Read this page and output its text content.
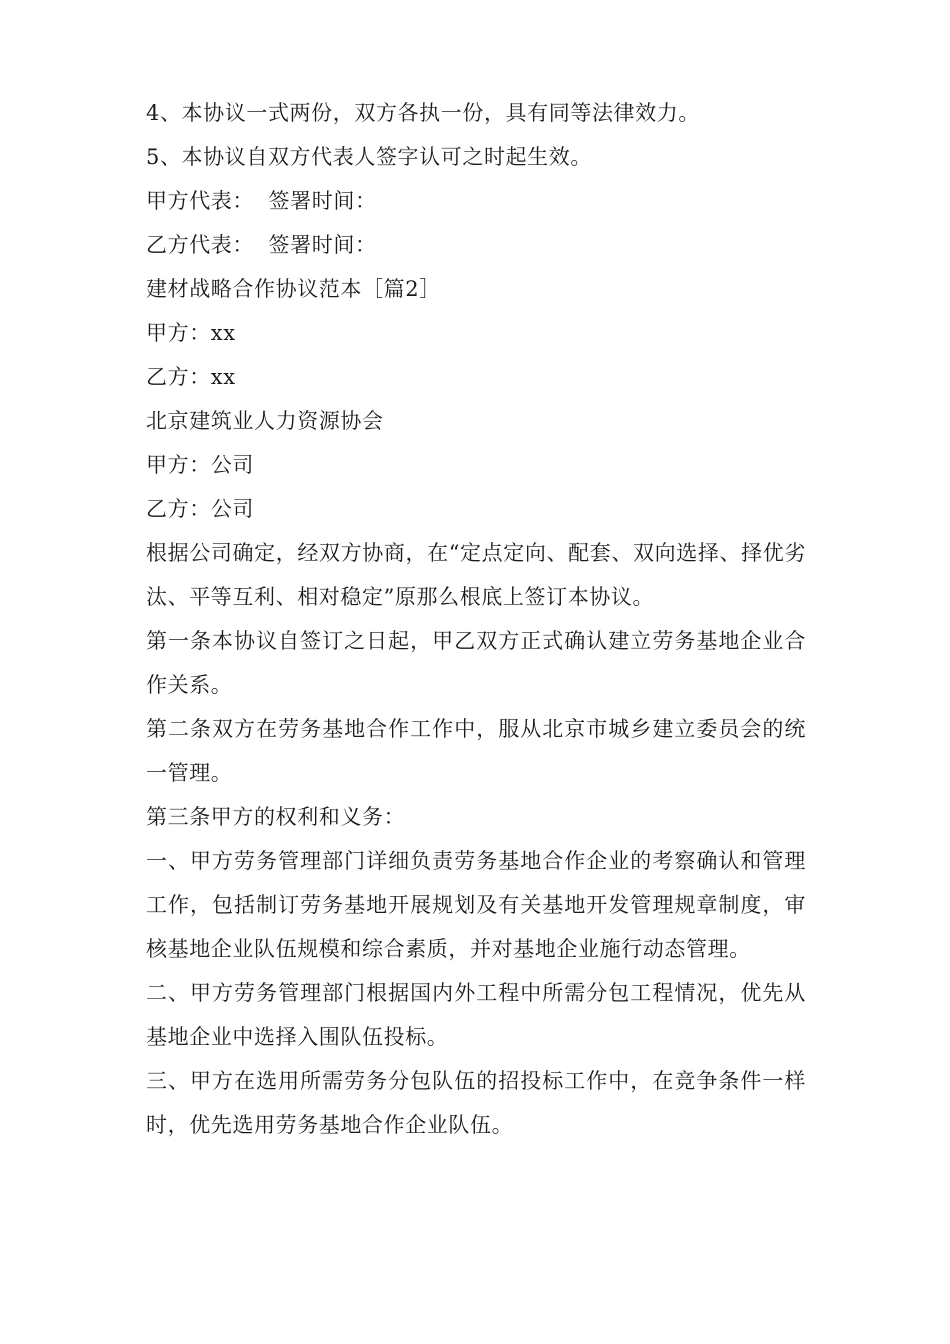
4、本协议一式两份，双方各执一份，具有同等法律效力。

5、本协议自双方代表人签字认可之时起生效。

甲方代表：  签署时间：

乙方代表：  签署时间：

建材战略合作协议范本［篇2］

甲方：xx

乙方：xx

北京建筑业人力资源协会

甲方：公司

乙方：公司

根据公司确定，经双方协商，在“定点定向、配套、双向选择、择优劣汰、平等互利、相对稳定”原那么根底上签订本协议。

第一条本协议自签订之日起，甲乙双方正式确认建立劳务基地企业合作关系。

第二条双方在劳务基地合作工作中，服从北京市城乡建立委员会的统一管理。

第三条甲方的权利和义务：

一、甲方劳务管理部门详细负责劳务基地合作企业的考察确认和管理工作，包括制订劳务基地开展规划及有关基地开发管理规章制度，审核基地企业队伍规模和综合素质，并对基地企业施行动态管理。

二、甲方劳务管理部门根据国内外工程中所需分包工程情况，优先从基地企业中选择入围队伍投标。

三、甲方在选用所需劳务分包队伍的招投标工作中，在竞争条件一样时，优先选用劳务基地合作企业队伍。
